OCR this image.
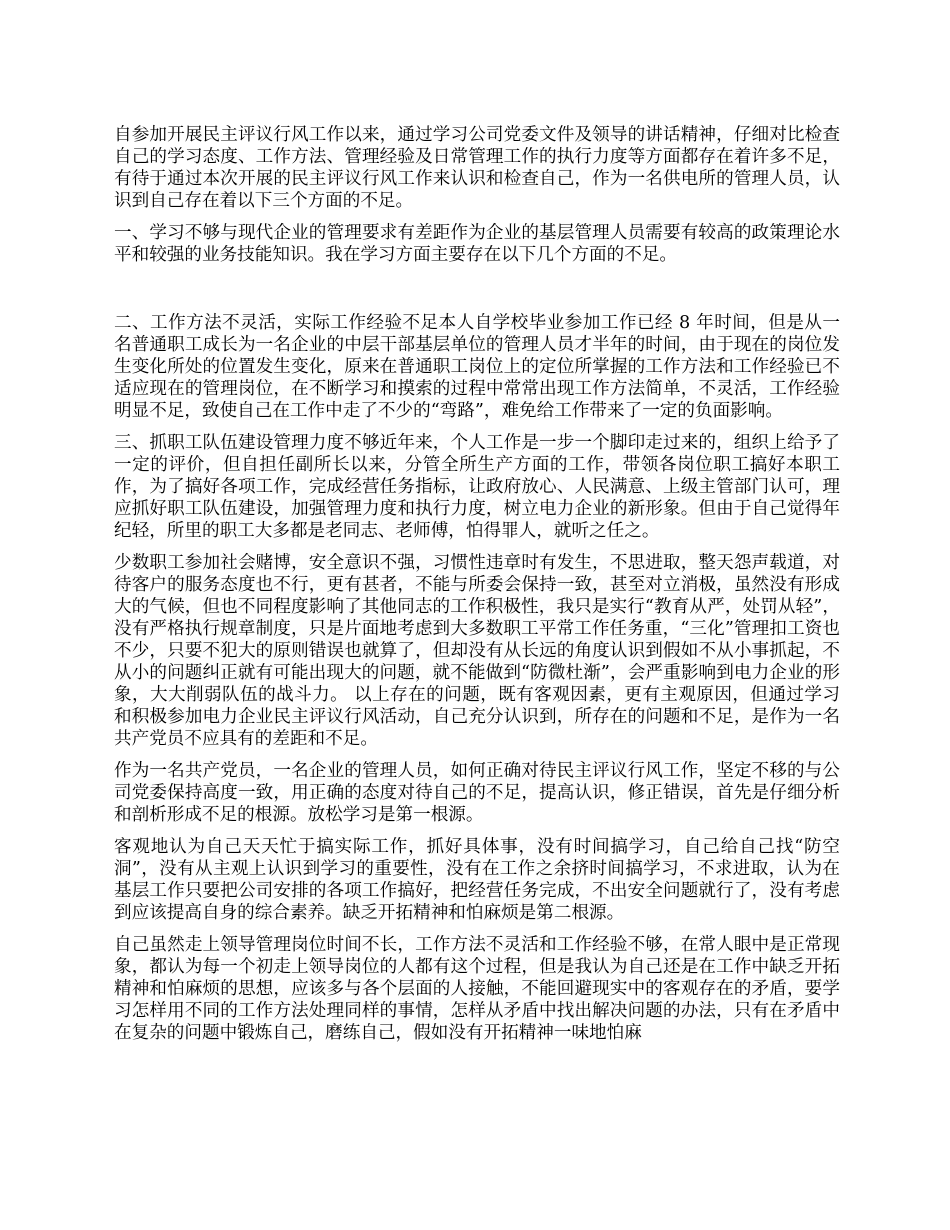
自参加开展民主评议行风工作以来，通过学习公司党委文件及领导的讲话精神，仔细对比检查自己的学习态度、工作方法、管理经验及日常管理工作的执行力度等方面都存在着许多不足，有待于通过本次开展的民主评议行风工作来认识和检查自己，作为一名供电所的管理人员，认识到自己存在着以下三个方面的不足。

一、学习不够与现代企业的管理要求有差距作为企业的基层管理人员需要有较高的政策理论水平和较强的业务技能知识。我在学习方面主要存在以下几个方面的不足。

二、工作方法不灵活，实际工作经验不足本人自学校毕业参加工作已经 8 年时间，但是从一名普通职工成长为一名企业的中层干部基层单位的管理人员才半年的时间，由于现在的岗位发生变化所处的位置发生变化，原来在普通职工岗位上的定位所掌握的工作方法和工作经验已不适应现在的管理岗位，在不断学习和摸索的过程中常常出现工作方法简单，不灵活，工作经验明显不足，致使自己在工作中走了不少的“弯路”，难免给工作带来了一定的负面影响。

三、抓职工队伍建设管理力度不够近年来，个人工作是一步一个脚印走过来的，组织上给予了一定的评价，但自担任副所长以来，分管全所生产方面的工作，带领各岗位职工搞好本职工作，为了搞好各项工作，完成经营任务指标，让政府放心、人民满意、上级主管部门认可，理应抓好职工队伍建设，加强管理力度和执行力度，树立电力企业的新形象。但由于自己觉得年纪轻，所里的职工大多都是老同志、老师傅，怕得罪人，就听之任之。

少数职工参加社会赌博，安全意识不强，习惯性违章时有发生，不思进取，整天怨声载道，对待客户的服务态度也不行，更有甚者，不能与所委会保持一致，甚至对立消极，虽然没有形成大的气候，但也不同程度影响了其他同志的工作积极性，我只是实行“教育从严，处罚从轻”，没有严格执行规章制度，只是片面地考虑到大多数职工平常工作任务重，“三化”管理扣工资也不少，只要不犯大的原则错误也就算了，但却没有从长远的角度认识到假如不从小事抓起，不从小的问题纠正就有可能出现大的问题，就不能做到“防微杜渐”，会严重影响到电力企业的形象，大大削弱队伍的战斗力。 以上存在的问题，既有客观因素，更有主观原因，但通过学习和积极参加电力企业民主评议行风活动，自己充分认识到，所存在的问题和不足，是作为一名共产党员不应具有的差距和不足。

作为一名共产党员，一名企业的管理人员，如何正确对待民主评议行风工作，坚定不移的与公司党委保持高度一致，用正确的态度对待自己的不足，提高认识，修正错误，首先是仔细分析和剖析形成不足的根源。放松学习是第一根源。

客观地认为自己天天忙于搞实际工作，抓好具体事，没有时间搞学习，自己给自己找“防空洞”，没有从主观上认识到学习的重要性，没有在工作之余挤时间搞学习，不求进取，认为在基层工作只要把公司安排的各项工作搞好，把经营任务完成，不出安全问题就行了，没有考虑到应该提高自身的综合素养。缺乏开拓精神和怕麻烦是第二根源。

自己虽然走上领导管理岗位时间不长，工作方法不灵活和工作经验不够，在常人眼中是正常现象，都认为每一个初走上领导岗位的人都有这个过程，但是我认为自己还是在工作中缺乏开拓精神和怕麻烦的思想，应该多与各个层面的人接触，不能回避现实中的客观存在的矛盾，要学习怎样用不同的工作方法处理同样的事情，怎样从矛盾中找出解决问题的办法，只有在矛盾中在复杂的问题中锻炼自己，磨练自己，假如没有开拓精神一味地怕麻
